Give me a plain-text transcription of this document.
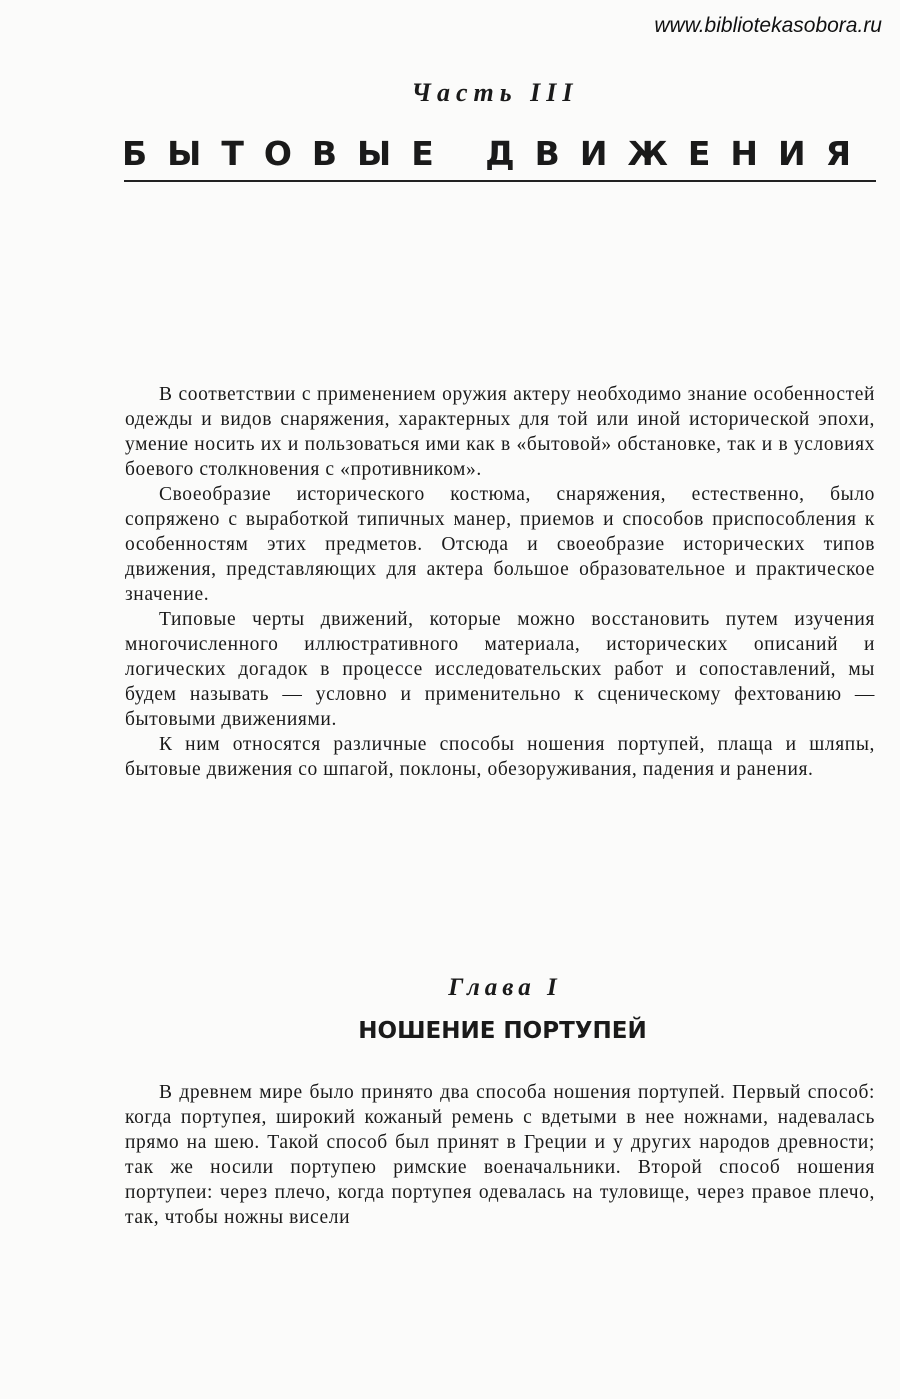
www.bibliotekasobora.ru
Часть III
БЫТОВЫЕ ДВИЖЕНИЯ

В соответствии с применением оружия актеру необходимо знание особенностей одежды и видов снаряжения, характерных для той или иной исторической эпохи, умение носить их и пользоваться ими как в «бытовой» обстановке, так и в условиях боевого столкновения с «противником».

Своеобразие исторического костюма, снаряжения, естественно, было сопряжено с выработкой типичных манер, приемов и способов приспособления к особенностям этих предметов. Отсюда и своеобразие исторических типов движения, представляющих для актера большое образовательное и практическое значение.

Типовые черты движений, которые можно восстановить путем изучения многочисленного иллюстративного материала, исторических описаний и логических догадок в процессе исследовательских работ и сопоставлений, мы будем называть — условно и применительно к сценическому фехтованию — бытовыми движениями.

К ним относятся различные способы ношения портупей, плаща и шляпы, бытовые движения со шпагой, поклоны, обезоруживания, падения и ранения.

Глава I
НОШЕНИЕ ПОРТУПЕЙ

В древнем мире было принято два способа ношения портупей. Первый способ: когда портупея, широкий кожаный ремень с вдетыми в нее ножнами, надевалась прямо на шею. Такой способ был принят в Греции и у других народов древности; так же носили портупею римские военачальники. Второй способ ношения портупеи: через плечо, когда портупея одевалась на туловище, через правое плечо, так, чтобы ножны висели
